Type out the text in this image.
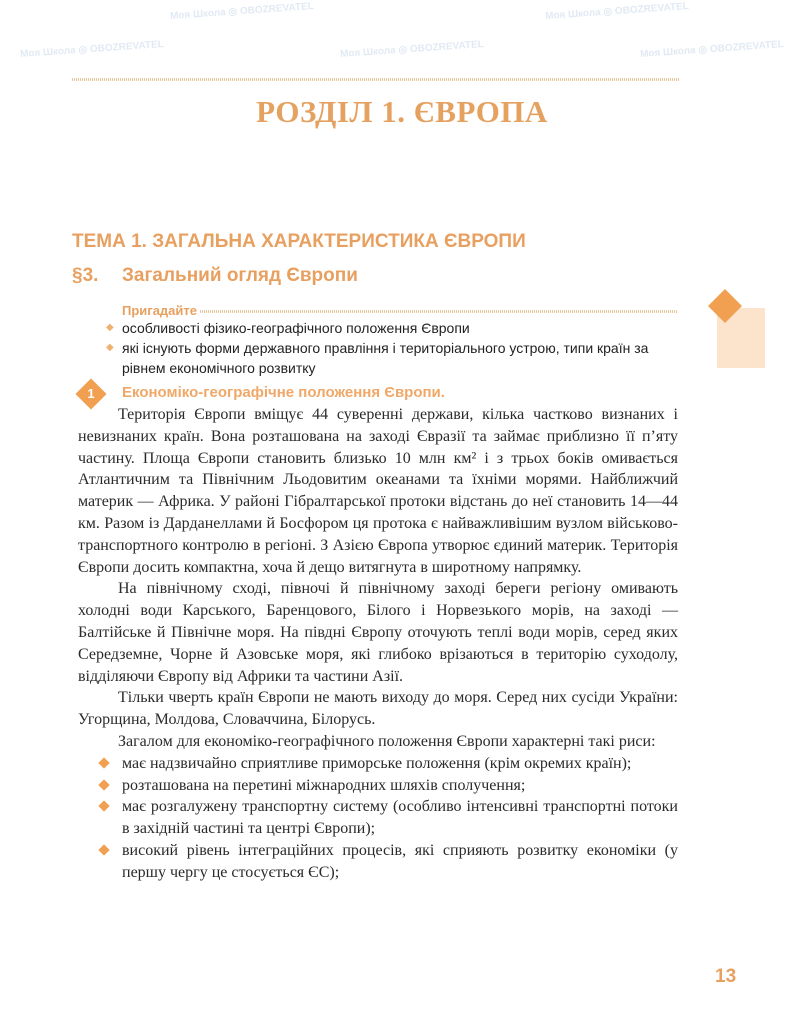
РОЗДІЛ 1. ЄВРОПА
ТЕМА 1. ЗАГАЛЬНА ХАРАКТЕРИСТИКА ЄВРОПИ
§3. Загальний огляд Європи
Пригадайте
◆ особливості фізико-географічного положення Європи
◆ які існують форми державного правління і територіального устрою, типи країн за рівнем економічного розвитку
1	Економіко-географічне положення Європи.

Територія Європи вміщує 44 суверенні держави, кілька частково визнаних і невизнаних країн. Вона розташована на заході Євразії та займає приблизно її п’яту частину. Площа Європи становить близько 10 млн км² і з трьох боків омивається Атлантичним та Північним Льодовитим океанами та їхніми морями. Найближчий материк — Африка. У районі Гібралтарської протоки відстань до неї становить 14—44 км. Разом із Дарданеллами й Босфором ця протока є найважливішим вузлом військово-транспортного контролю в регіоні. З Азією Європа утворює єдиний материк. Територія Європи досить компактна, хоча й дещо витягнута в широтному напрямку.

На північному сході, півночі й північному заході береги регіону омивають холодні води Карського, Баренцового, Білого і Норвезького морів, на заході — Балтійське й Північне моря. На півдні Європу оточують теплі води морів, серед яких Середземне, Чорне й Азовське моря, які глибоко врізаються в територію суходолу, відділяючи Європу від Африки та частини Азії.

Тільки чверть країн Європи не мають виходу до моря. Серед них сусіди України: Угорщина, Молдова, Словаччина, Білорусь.

Загалом для економіко-географічного положення Європи характерні такі риси:

має надзвичайно сприятливе приморське положення (крім окремих країн);
розташована на перетині міжнародних шляхів сполучення;
має розгалужену транспортну систему (особливо інтенсивні транспортні потоки в західній частині та центрі Європи);
високий рівень інтеграційних процесів, які сприяють розвитку економіки (у першу чергу це стосується ЄС);
13
Моя Школа ◎ OBOZREVATEL	Моя Школа ◎ OBOZREVATEL
Моя Школа ◎ OBOZREVATEL	Моя Школа ◎ OBOZREVATEL	Моя Школа ◎ OBOZREVATEL
